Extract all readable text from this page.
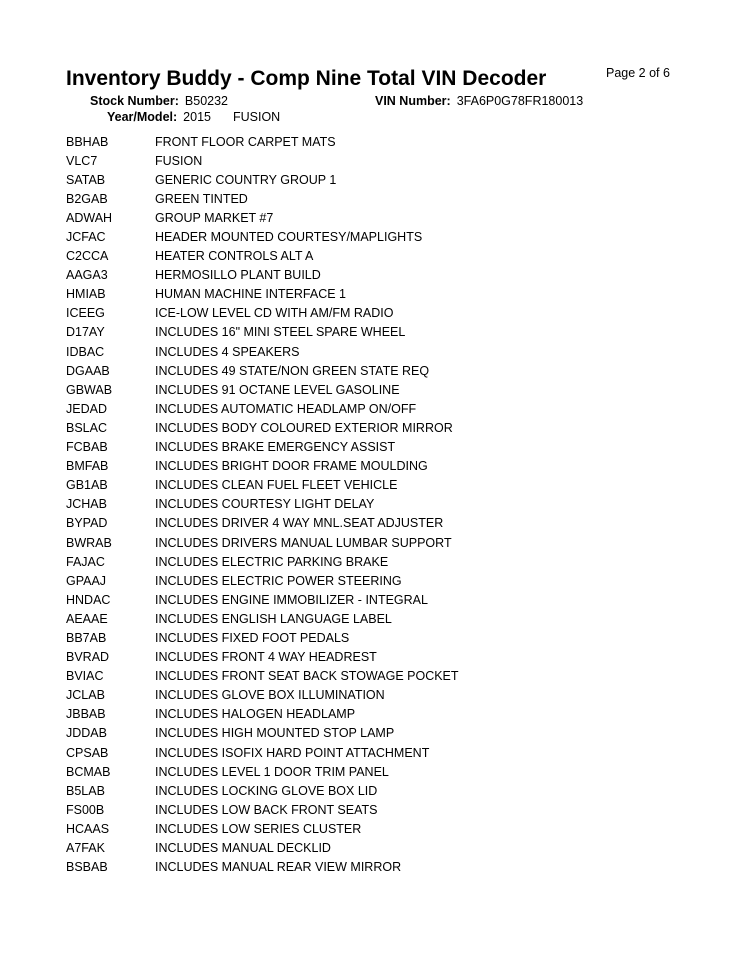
Inventory Buddy - Comp Nine Total VIN Decoder	Page 2 of 6
Stock Number: B50232	VIN Number: 3FA6P0G78FR180013
Year/Model: 2015 FUSION
BBHAB	FRONT FLOOR CARPET MATS
VLC7	FUSION
SATAB	GENERIC COUNTRY GROUP 1
B2GAB	GREEN TINTED
ADWAH	GROUP MARKET #7
JCFAC	HEADER MOUNTED COURTESY/MAPLIGHTS
C2CCA	HEATER CONTROLS ALT A
AAGA3	HERMOSILLO PLANT BUILD
HMIAB	HUMAN MACHINE INTERFACE 1
ICEEG	ICE-LOW LEVEL CD WITH AM/FM RADIO
D17AY	INCLUDES 16" MINI STEEL SPARE WHEEL
IDBAC	INCLUDES 4 SPEAKERS
DGAAB	INCLUDES 49 STATE/NON GREEN STATE REQ
GBWAB	INCLUDES 91 OCTANE LEVEL GASOLINE
JEDAD	INCLUDES AUTOMATIC HEADLAMP ON/OFF
BSLAC	INCLUDES BODY COLOURED EXTERIOR MIRROR
FCBAB	INCLUDES BRAKE EMERGENCY ASSIST
BMFAB	INCLUDES BRIGHT DOOR FRAME MOULDING
GB1AB	INCLUDES CLEAN FUEL FLEET VEHICLE
JCHAB	INCLUDES COURTESY LIGHT DELAY
BYPAD	INCLUDES DRIVER 4 WAY MNL.SEAT ADJUSTER
BWRAB	INCLUDES DRIVERS MANUAL LUMBAR SUPPORT
FAJAC	INCLUDES ELECTRIC PARKING BRAKE
GPAAJ	INCLUDES ELECTRIC POWER STEERING
HNDAC	INCLUDES ENGINE IMMOBILIZER - INTEGRAL
AEAAE	INCLUDES ENGLISH LANGUAGE LABEL
BB7AB	INCLUDES FIXED FOOT PEDALS
BVRAD	INCLUDES FRONT 4 WAY HEADREST
BVIAC	INCLUDES FRONT SEAT BACK STOWAGE POCKET
JCLAB	INCLUDES GLOVE BOX ILLUMINATION
JBBAB	INCLUDES HALOGEN HEADLAMP
JDDAB	INCLUDES HIGH MOUNTED STOP LAMP
CPSAB	INCLUDES ISOFIX HARD POINT ATTACHMENT
BCMAB	INCLUDES LEVEL 1 DOOR TRIM PANEL
B5LAB	INCLUDES LOCKING GLOVE BOX LID
FS00B	INCLUDES LOW BACK FRONT SEATS
HCAAS	INCLUDES LOW SERIES CLUSTER
A7FAK	INCLUDES MANUAL DECKLID
BSBAB	INCLUDES MANUAL REAR VIEW MIRROR
